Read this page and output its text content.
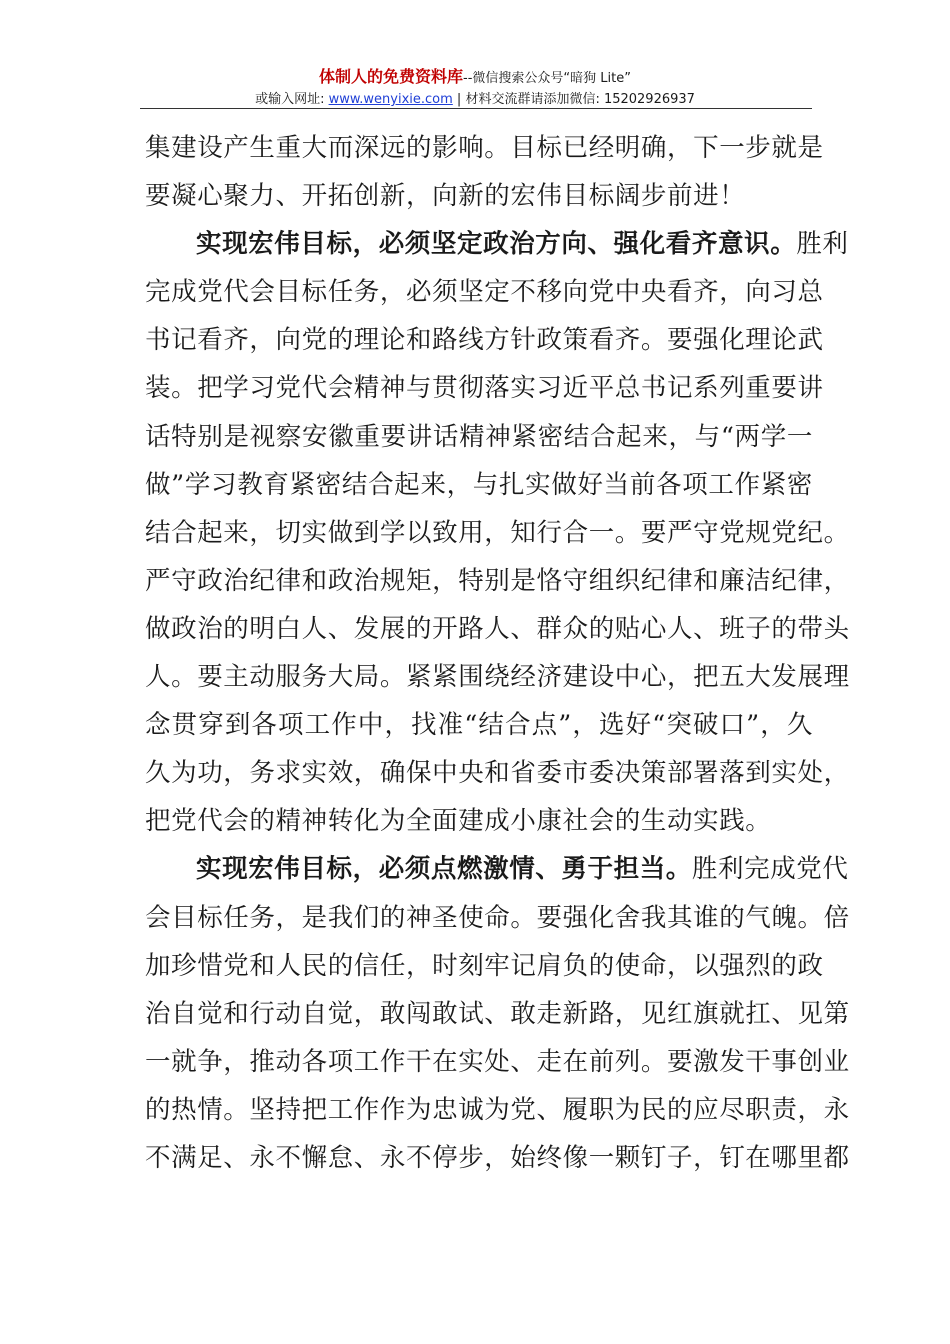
体制人的免费资料库--微信搜索公众号“暗狗 Lite”
或输入网址: www.wenyixie.com | 材料交流群请添加微信: 15202926937
集建设产生重大而深远的影响。目标已经明确，下一步就是
要凝心聚力、开拓创新，向新的宏伟目标阔步前进！
实现宏伟目标，必须坚定政治方向、强化看齐意识。胜利
完成党代会目标任务，必须坚定不移向党中央看齐，向习总
书记看齐，向党的理论和路线方针政策看齐。要强化理论武
装。把学习党代会精神与贯彻落实习近平总书记系列重要讲
话特别是视察安徽重要讲话精神紧密结合起来，与“两学一
做”学习教育紧密结合起来，与扎实做好当前各项工作紧密
结合起来，切实做到学以致用，知行合一。要严守党规党纪。
严守政治纪律和政治规矩，特别是恪守组织纪律和廉洁纪律，
做政治的明白人、发展的开路人、群众的贴心人、班子的带头
人。要主动服务大局。紧紧围绕经济建设中心，把五大发展理
念贯穿到各项工作中，找准“结合点”，选好“突破口”，久
久为功，务求实效，确保中央和省委市委决策部署落到实处，
把党代会的精神转化为全面建成小康社会的生动实践。
实现宏伟目标，必须点燃激情、勇于担当。胜利完成党代
会目标任务，是我们的神圣使命。要强化舍我其谁的气魄。倍
加珍惜党和人民的信任，时刻牢记肩负的使命，以强烈的政
治自觉和行动自觉，敢闯敢试、敢走新路，见红旗就扛、见第
一就争，推动各项工作干在实处、走在前列。要激发干事创业
的热情。坚持把工作作为忠诚为党、履职为民的应尽职责，永
不满足、永不懈怠、永不停步，始终像一颗钉子，钉在哪里都
